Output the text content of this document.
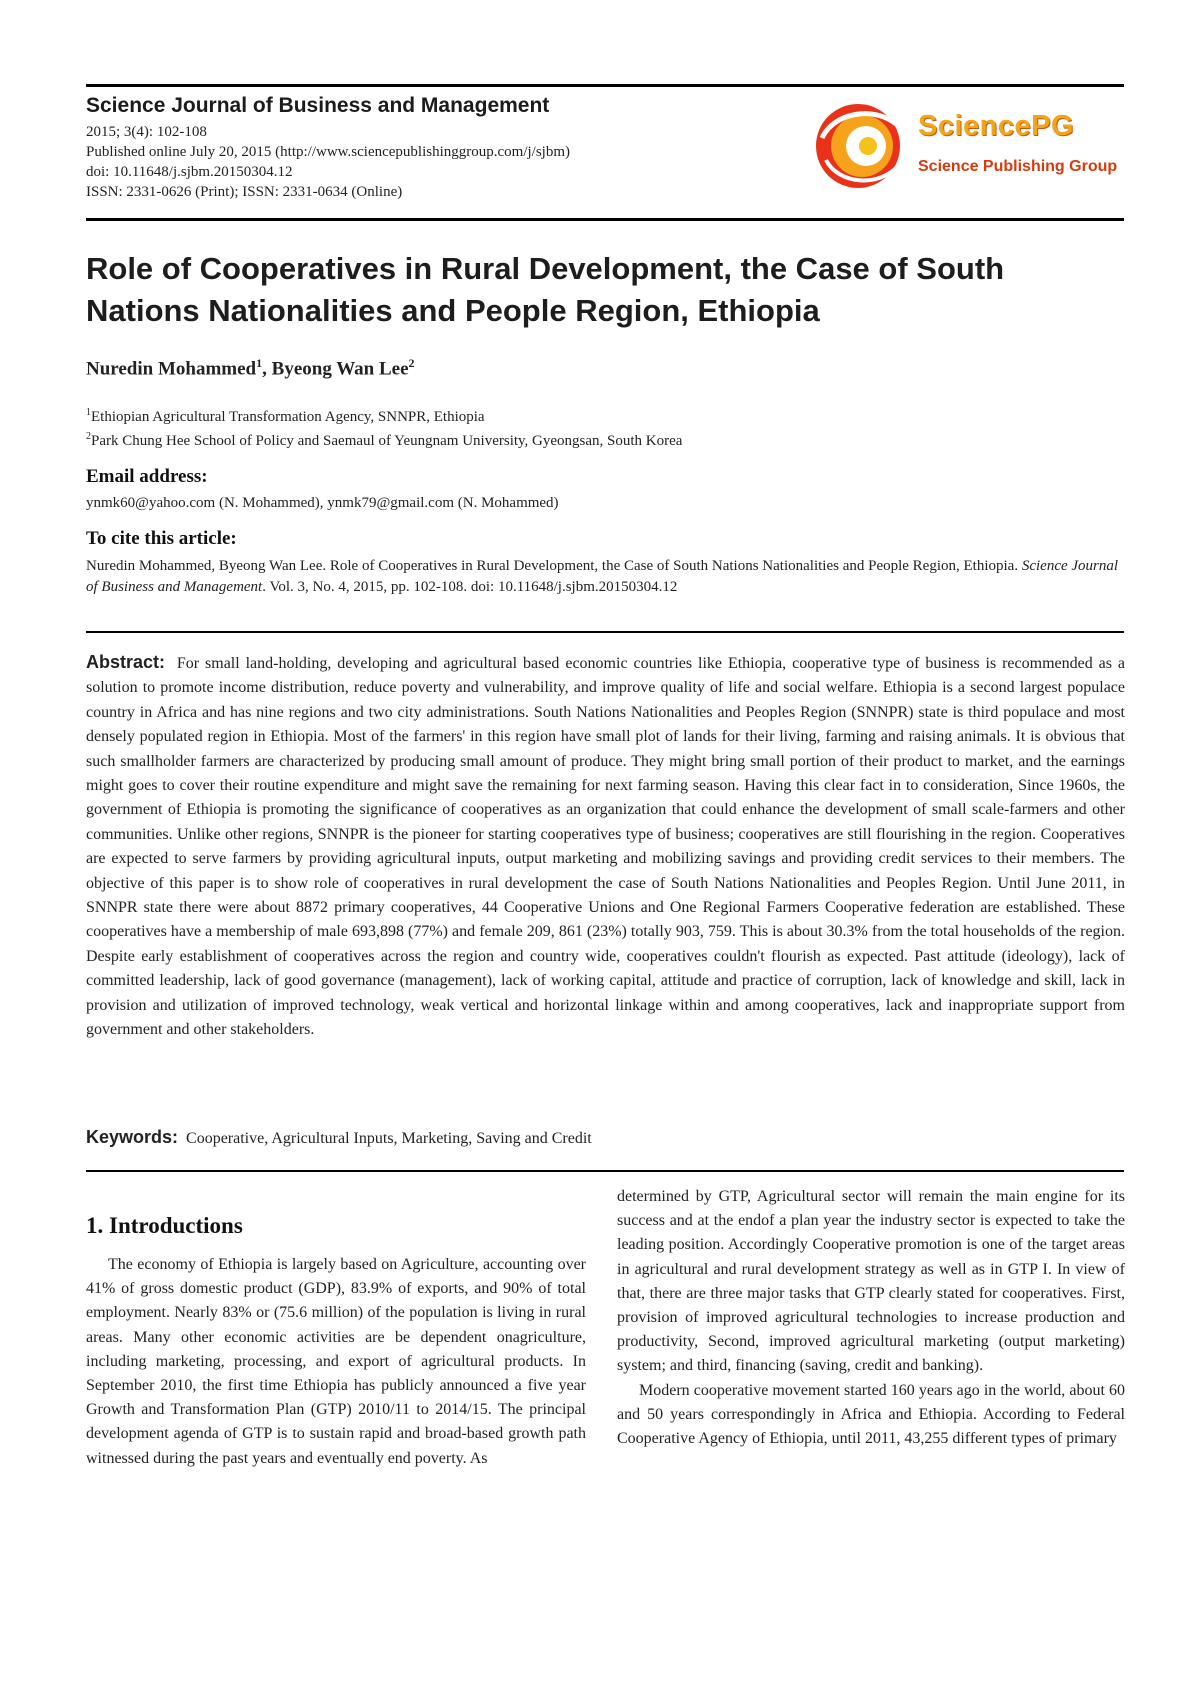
Science Journal of Business and Management
2015; 3(4): 102-108
Published online July 20, 2015 (http://www.sciencepublishinggroup.com/j/sjbm)
doi: 10.11648/j.sjbm.20150304.12
ISSN: 2331-0626 (Print); ISSN: 2331-0634 (Online)
SciencePG
Science Publishing Group
Role of Cooperatives in Rural Development, the Case of South Nations Nationalities and People Region, Ethiopia
Nuredin Mohammed$^1$, Byeong Wan Lee$^2$
$^1$Ethiopian Agricultural Transformation Agency, SNNPR, Ethiopia
$^2$Park Chung Hee School of Policy and Saemaul of Yeungnam University, Gyeongsan, South Korea
Email address:
ynmk60@yahoo.com (N. Mohammed), ynmk79@gmail.com (N. Mohammed)
To cite this article:
Nuredin Mohammed, Byeong Wan Lee. Role of Cooperatives in Rural Development, the Case of South Nations Nationalities and People Region, Ethiopia. Science Journal of Business and Management. Vol. 3, No. 4, 2015, pp. 102-108. doi: 10.11648/j.sjbm.20150304.12
Abstract: For small land-holding, developing and agricultural based economic countries like Ethiopia, cooperative type of business is recommended as a solution to promote income distribution, reduce poverty and vulnerability, and improve quality of life and social welfare. Ethiopia is a second largest populace country in Africa and has nine regions and two city administrations. South Nations Nationalities and Peoples Region (SNNPR) state is third populace and most densely populated region in Ethiopia. Most of the farmers' in this region have small plot of lands for their living, farming and raising animals. It is obvious that such smallholder farmers are characterized by producing small amount of produce. They might bring small portion of their product to market, and the earnings might goes to cover their routine expenditure and might save the remaining for next farming season. Having this clear fact in to consideration, Since 1960s, the government of Ethiopia is promoting the significance of cooperatives as an organization that could enhance the development of small scale-farmers and other communities. Unlike other regions, SNNPR is the pioneer for starting cooperatives type of business; cooperatives are still flourishing in the region. Cooperatives are expected to serve farmers by providing agricultural inputs, output marketing and mobilizing savings and providing credit services to their members. The objective of this paper is to show role of cooperatives in rural development the case of South Nations Nationalities and Peoples Region. Until June 2011, in SNNPR state there were about 8872 primary cooperatives, 44 Cooperative Unions and One Regional Farmers Cooperative federation are established. These cooperatives have a membership of male 693,898 (77%) and female 209, 861 (23%) totally 903, 759. This is about 30.3% from the total households of the region. Despite early establishment of cooperatives across the region and country wide, cooperatives couldn't flourish as expected. Past attitude (ideology), lack of committed leadership, lack of good governance (management), lack of working capital, attitude and practice of corruption, lack of knowledge and skill, lack in provision and utilization of improved technology, weak vertical and horizontal linkage within and among cooperatives, lack and inappropriate support from government and other stakeholders.
Keywords: Cooperative, Agricultural Inputs, Marketing, Saving and Credit
1. Introductions

The economy of Ethiopia is largely based on Agriculture, accounting over 41% of gross domestic product (GDP), 83.9% of exports, and 90% of total employment. Nearly 83% or (75.6 million) of the population is living in rural areas. Many other economic activities are be dependent onagriculture, including marketing, processing, and export of agricultural products. In September 2010, the first time Ethiopia has publicly announced a five year Growth and Transformation Plan (GTP) 2010/11 to 2014/15. The principal development agenda of GTP is to sustain rapid and broad-based growth path witnessed during the past years and eventually end poverty. As

determined by GTP, Agricultural sector will remain the main engine for its success and at the endof a plan year the industry sector is expected to take the leading position. Accordingly Cooperative promotion is one of the target areas in agricultural and rural development strategy as well as in GTP I. In view of that, there are three major tasks that GTP clearly stated for cooperatives. First, provision of improved agricultural technologies to increase production and productivity, Second, improved agricultural marketing (output marketing) system; and third, financing (saving, credit and banking).

Modern cooperative movement started 160 years ago in the world, about 60 and 50 years correspondingly in Africa and Ethiopia. According to Federal Cooperative Agency of Ethiopia, until 2011, 43,255 different types of primary
